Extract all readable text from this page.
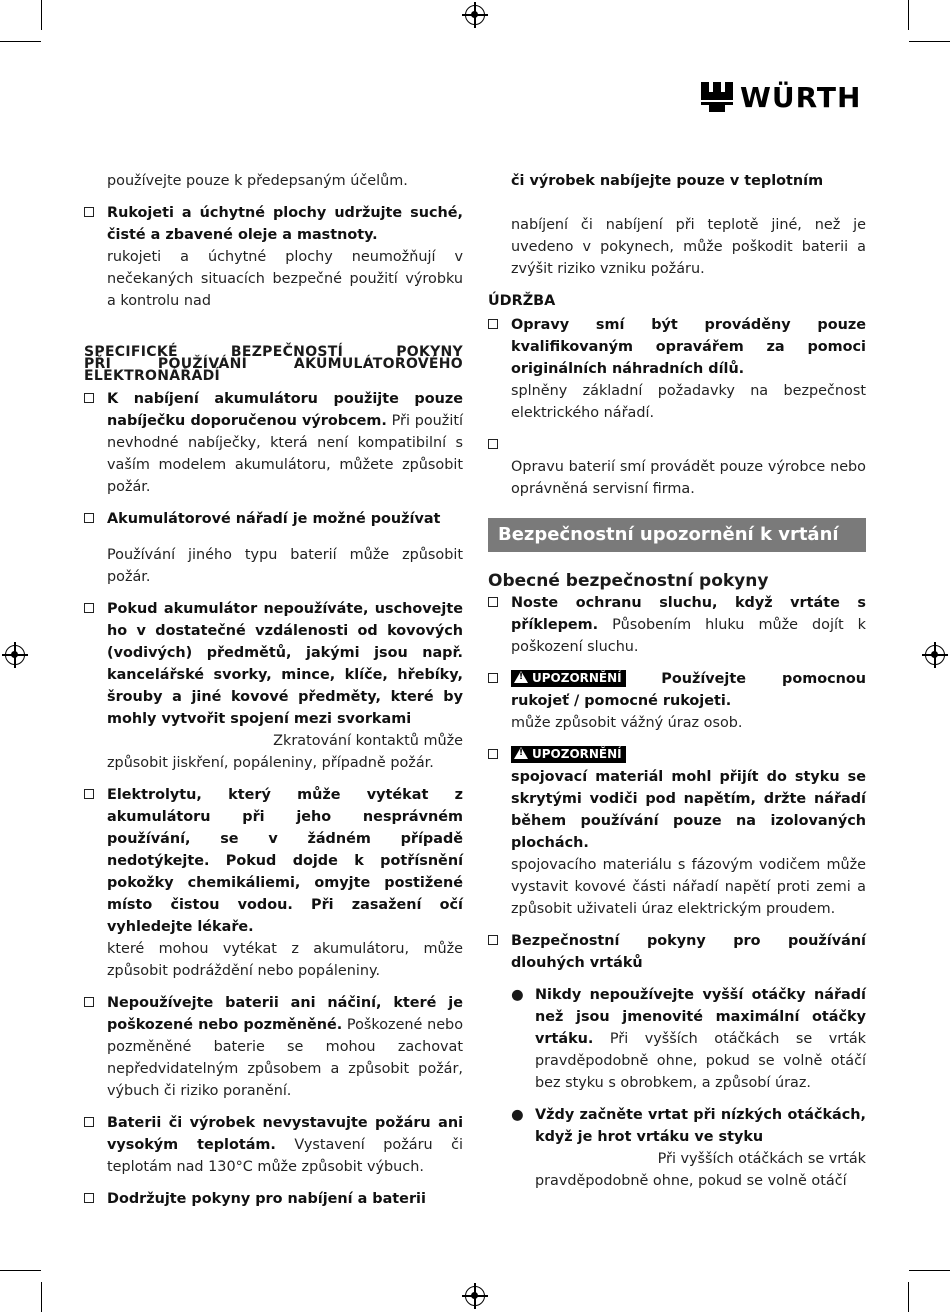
WÜRTH

používejte pouze k předepsaným účelům.

Rukojeti a úchytné plochy udržujte suché, čisté a zbavené oleje a mastnoty.

rukojeti a úchytné plochy neumožňují v nečekaných situacích bezpečné použití výrobku a kontrolu nad

SPECIFICKÉ BEZPEČNOSTÍ POKYNY

PŘI POUŽÍVÁNÍ AKUMULÁTOROVÉHO

ELEKTRONÁŘADÍ

K nabíjení akumulátoru použijte pouze nabíječku doporučenou výrobcem. Při použití nevhodné nabíječky, která není kompatibilní s vaším modelem akumulátoru, můžete způsobit požár.

Akumulátorové nářadí je možné používat

Používání jiného typu baterií může způsobit požár.

Pokud akumulátor nepoužíváte, uschovejte ho v dostatečné vzdálenosti od kovových (vodivých) předmětů, jakými jsou např. kancelářské svorky, mince, klíče, hřebíky, šrouby a jiné kovové předměty, které by mohly vytvořit spojení mezi svorkami

Zkratování kontaktů může

způsobit jiskření, popáleniny, případně požár.

Elektrolytu, který může vytékat z akumulátoru při jeho nesprávném používání, se v žádném případě nedotýkejte. Pokud dojde k potřísnění pokožky chemikáliemi, omyjte postižené místo čistou vodou. Při zasažení očí vyhledejte lékaře.

které mohou vytékat z akumulátoru, může způsobit podráždění nebo popáleniny.

Nepoužívejte baterii ani náčiní, které je poškozené nebo pozměněné. Poškozené nebo pozměněné baterie se mohou zachovat nepředvidatelným způsobem a způsobit požár, výbuch či riziko poranění.

Baterii či výrobek nevystavujte požáru ani vysokým teplotám. Vystavení požáru či teplotám nad 130°C může způsobit výbuch.

Dodržujte pokyny pro nabíjení a baterii

či výrobek nabíjejte pouze v teplotním

nabíjení či nabíjení při teplotě jiné, než je uvedeno v pokynech, může poškodit baterii a zvýšit riziko vzniku požáru.

ÚDRŽBA

Opravy smí být prováděny pouze kvalifikovaným opravářem za pomoci originálních náhradních dílů.

splněny základní požadavky na bezpečnost elektrického nářadí.

Opravu baterií smí provádět pouze výrobce nebo oprávněná servisní firma.

Bezpečnostní upozornění k vrtání

Obecné bezpečnostní pokyny

Noste ochranu sluchu, když vrtáte s příklepem. Působením hluku může dojít k poškození sluchu.

!UPOZORNĚNÍ	Používejte pomocnou rukojeť / pomocné rukojeti.

může způsobit vážný úraz osob.

!UPOZORNĚNÍ

spojovací materiál mohl přijít do styku se skrytými vodiči pod napětím, držte nářadí během používání pouze na izolovaných plochách.

spojovacího materiálu s fázovým vodičem může vystavit kovové části nářadí napětí proti zemi a způsobit uživateli úraz elektrickým proudem.

Bezpečnostní pokyny pro používání dlouhých vrtáků

● Nikdy nepoužívejte vyšší otáčky nářadí než jsou jmenovité maximální otáčky vrtáku. Při vyšších otáčkách se vrták pravděpodobně ohne, pokud se volně otáčí bez styku s obrobkem, a způsobí úraz.

● Vždy začněte vrtat při nízkých otáčkách, když je hrot vrtáku ve styku

Při vyšších otáčkách se vrták

pravděpodobně ohne, pokud se volně otáčí
